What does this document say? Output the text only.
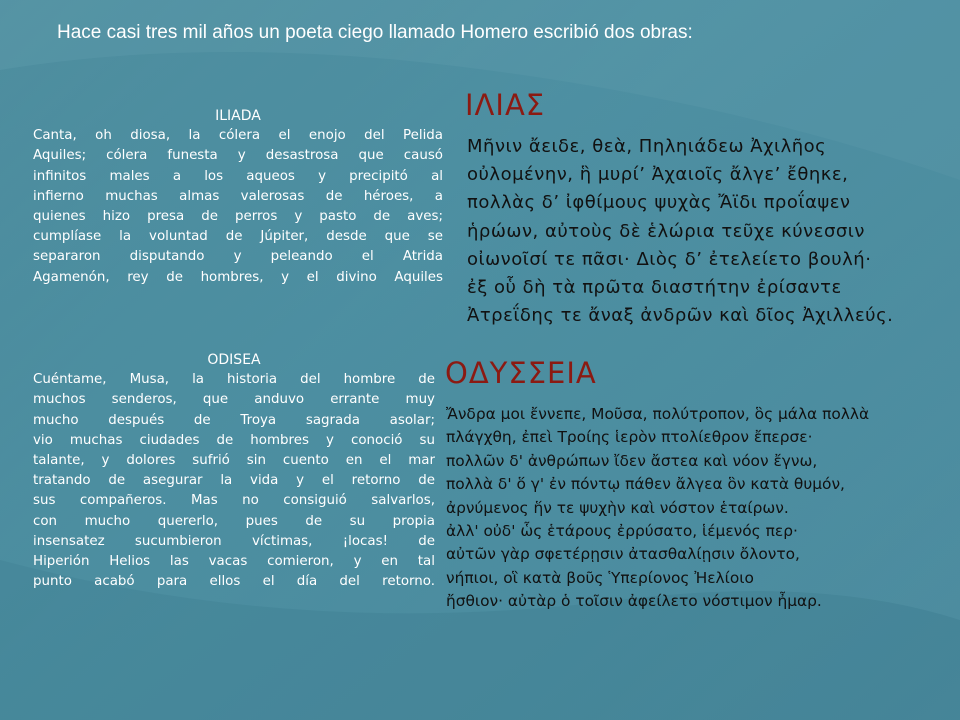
Hace casi tres mil años un poeta ciego llamado Homero escribió dos obras:
ILIADA
Canta, oh diosa, la cólera el enojo del Pelida
Aquiles; cólera funesta y desastrosa que causó
infinitos males a los aqueos y precipitó al
infierno muchas almas valerosas de héroes, a
quienes hizo presa de perros y pasto de aves;
cumplíase la voluntad de Júpiter, desde que se
separaron disputando y peleando el Atrida
Agamenón, rey de hombres, y el divino Aquiles
ΙΛΙΑΣ
Μῆνιν ἄειδε, θεὰ, Πηληιάδεω Ἀχιλῆος
οὐλομένην, ἣ μυρί’ Ἀχαιοῖς ἄλγε’ ἔθηκε,
πολλὰς δ’ ἰφθίμους ψυχὰς Ἄϊδι προΐαψεν
ἡρώων, αὐτοὺς δὲ ἑλώρια τεῦχε κύνεσσιν
οἰωνοῖσί τε πᾶσι· Διὸς δ’ ἐτελείετο βουλή·
ἐξ οὗ δὴ τὰ πρῶτα διαστήτην ἐρίσαντε
Ἀτρεΐδης τε ἄναξ ἀνδρῶν καὶ δῖος Ἀχιλλεύς.
ODISEA
Cuéntame, Musa, la historia del hombre de
muchos senderos, que anduvo errante muy
mucho después de Troya sagrada asolar;
vio muchas ciudades de hombres y conoció su
talante, y dolores sufrió sin cuento en el mar
tratando de asegurar la vida y el retorno de
sus compañeros. Mas no consiguió salvarlos,
con mucho quererlo, pues de su propia
insensatez sucumbieron víctimas, ¡locas! de
Hiperión Helios las vacas comieron, y en tal
punto acabó para ellos el día del retorno.
ΟΔΥΣΣΕΙΑ
Ἄνδρα μοι ἔννεπε, Μοῦσα, πολύτροπον, ὃς μάλα πολλὰ
πλάγχθη, ἐπεὶ Τροίης ἱερὸν πτολίεθρον ἔπερσε·
πολλῶν δ' ἀνθρώπων ἴδεν ἄστεα καὶ νόον ἔγνω,
πολλὰ δ' ὅ γ' ἐν πόντῳ πάθεν ἄλγεα ὃν κατὰ θυμόν,
ἀρνύμενος ἥν τε ψυχὴν καὶ νόστον ἑταίρων.
ἀλλ' οὐδ' ὧς ἑτάρους ἐρρύσατο, ἱέμενός περ·
αὐτῶν γὰρ σφετέρῃσιν ἀτασθαλίῃσιν ὄλοντο,
νήπιοι, οἳ κατὰ βοῦς Ὑπερίονος Ἠελίοιο
ἤσθιον· αὐτὰρ ὁ τοῖσιν ἀφείλετο νόστιμον ἦμαρ.
